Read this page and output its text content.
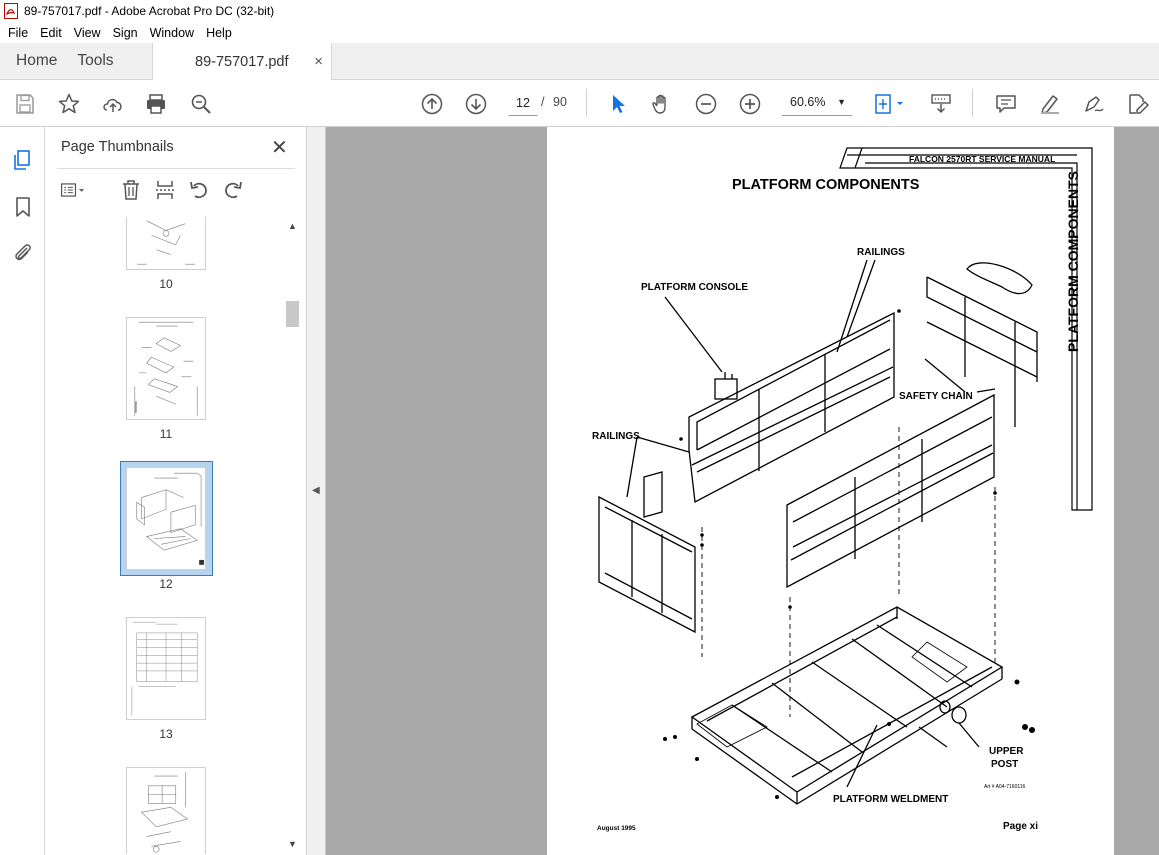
89-757017.pdf - Adobe Acrobat Pro DC (32-bit)
File Edit View Sign Window Help
Home	Tools	89-757017.pdf ×
12 / 90	60.6% ▼
Page Thumbnails	✕
10
11
12
13
▲
▼
◀
FALCON 2570RT SERVICE MANUAL
PLATFORM COMPONENTS	PLATFORM COMPONENTS
RAILINGS
PLATFORM CONSOLE
RAILINGS
SAFETY CHAIN
UPPER
POST
PLATFORM WELDMENT
Art # A04-7160116
August 1995	Page xi
